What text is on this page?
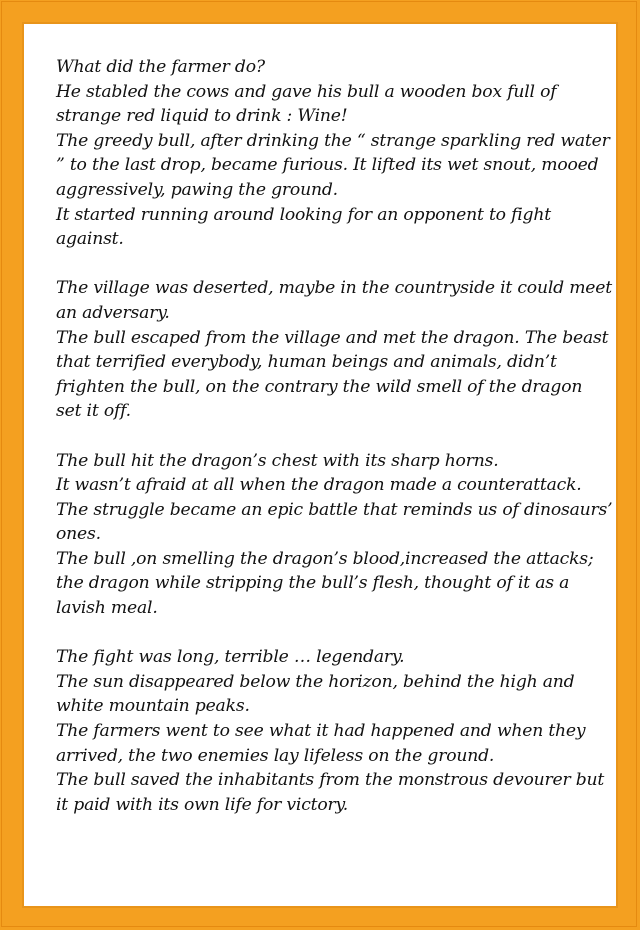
What did the farmer do?
He stabled the cows and gave his bull a wooden box full of
strange red liquid to drink : Wine!
The greedy bull, after drinking the “ strange sparkling red water
” to the last drop, became furious. It lifted its wet snout, mooed
aggressively, pawing the ground.
It started running around looking for an opponent to fight
against.
The village was deserted, maybe in the countryside it could meet
an adversary.
The bull escaped from the village and met the dragon. The beast
that terrified everybody, human beings and animals, didn’t
frighten the bull, on the contrary the wild smell of the dragon
set it off.
The bull hit the dragon’s chest with its sharp horns.
It wasn’t afraid at all when the dragon made a counterattack.
The struggle became an epic battle that reminds us of dinosaurs’
ones.
The bull ,on smelling the dragon’s blood,increased the attacks;
the dragon while stripping the bull’s flesh, thought of it as a
lavish meal.
The fight was long, terrible … legendary.
The sun disappeared below the horizon, behind the high and
white mountain peaks.
The farmers went to see what it had happened and when they
arrived, the two enemies lay lifeless on the ground.
The bull saved the inhabitants from the monstrous devourer but
it paid with its own life for victory.
